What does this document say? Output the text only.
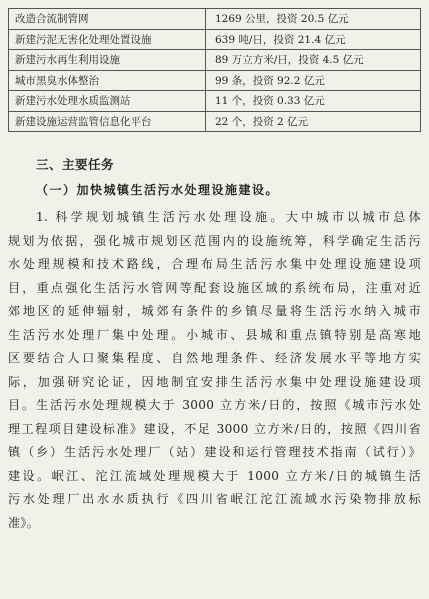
改造合流制管网	1269 公里，投资 20.5 亿元
新建污泥无害化处理处置设施	639 吨/日，投资 21.4 亿元
新建污水再生利用设施	89 万立方米/日，投资 4.5 亿元
城市黑臭水体整治	99 条，投资 92.2 亿元
新建污水处理水质监测站	11 个，投资 0.33 亿元
新建设施运营监管信息化平台	22 个，投资 2 亿元
三、主要任务
（一）加快城镇生活污水处理设施建设。
1. 科学规划城镇生活污水处理设施。大中城市以城市总体
规划为依据，强化城市规划区范围内的设施统筹，科学确定生活污
水处理规模和技术路线，合理布局生活污水集中处理设施建设项
目，重点强化生活污水管网等配套设施区域的系统布局，注重对近
郊地区的延伸辐射，城郊有条件的乡镇尽量将生活污水纳入城市
生活污水处理厂集中处理。小城市、县城和重点镇特别是高寒地
区要结合人口聚集程度、自然地理条件、经济发展水平等地方实
际，加强研究论证，因地制宜安排生活污水集中处理设施建设项
目。生活污水处理规模大于 3000 立方米/日的，按照《城市污水处
理工程项目建设标准》建设，不足 3000 立方米/日的，按照《四川省
镇（乡）生活污水处理厂（站）建设和运行管理技术指南（试行）》
建设。岷江、沱江流域处理规模大于 1000 立方米/日的城镇生活
污水处理厂出水水质执行《四川省岷江沱江流域水污染物排放标
准》。
